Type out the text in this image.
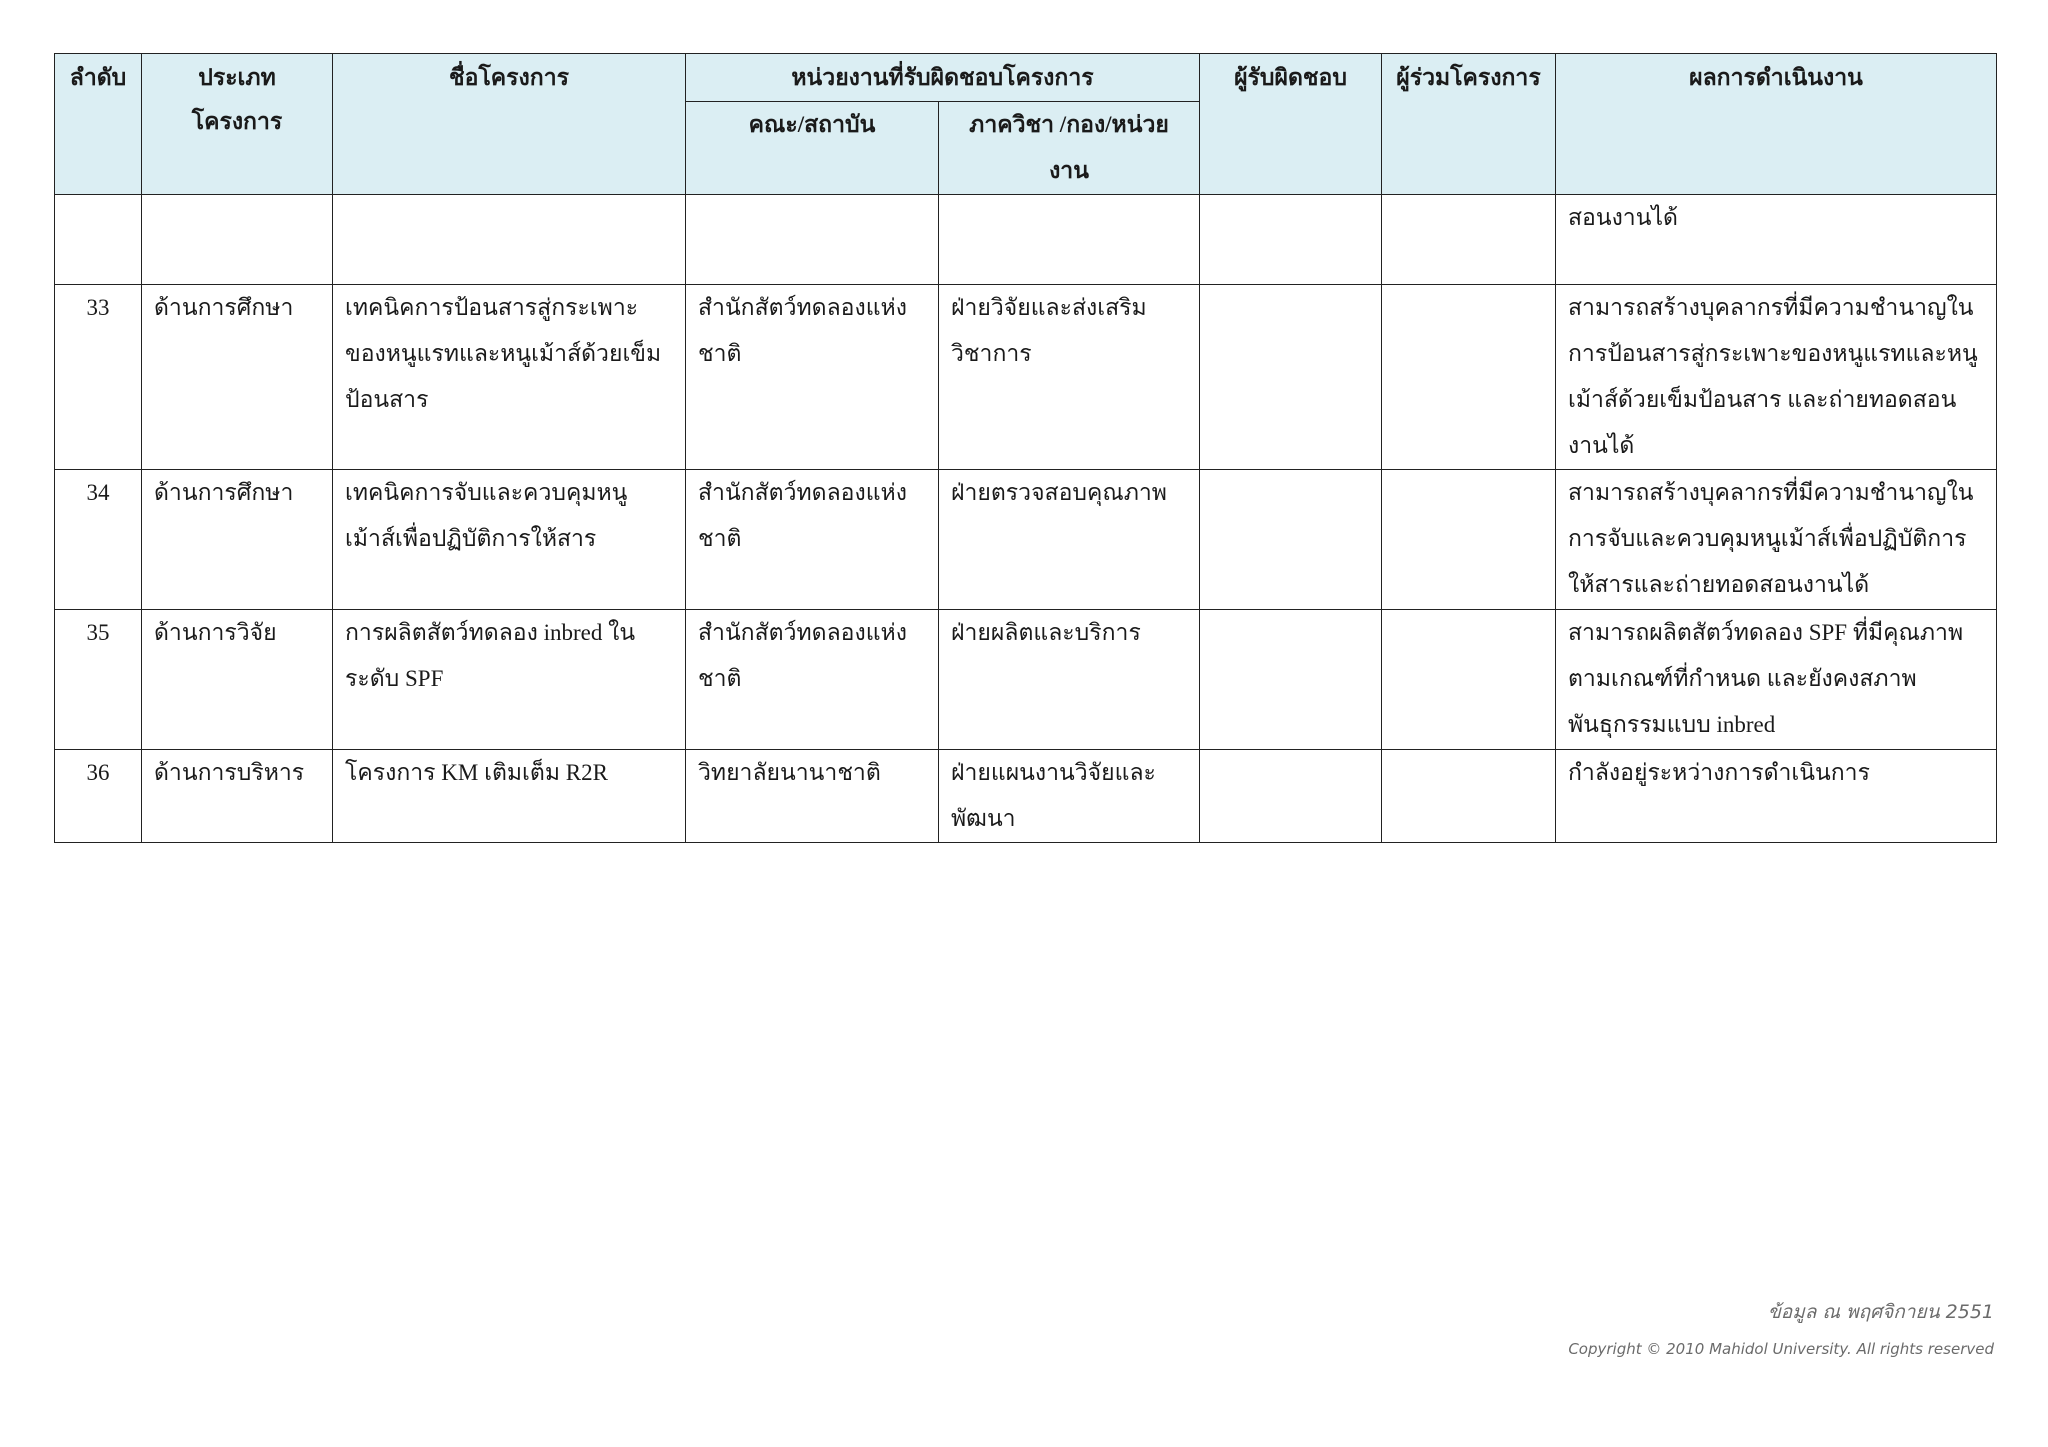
ลำดับ	ประเภทโครงการ	ชื่อโครงการ	หน่วยงานที่รับผิดชอบโครงการ		ผู้รับผิดชอบ	ผู้ร่วมโครงการ	ผลการดำเนินงาน
			คณะ/สถาบัน	ภาควิชา /กอง/หน่วยงาน			
							สอนงานได้
33	ด้านการศึกษา	เทคนิคการป้อนสารสู่กระเพาะของหนูแรทและหนูเม้าส์ด้วยเข็มป้อนสาร	สำนักสัตว์ทดลองแห่งชาติ	ฝ่ายวิจัยและส่งเสริมวิชาการ			สามารถสร้างบุคลากรที่มีความชำนาญในการป้อนสารสู่กระเพาะของหนูแรทและหนูเม้าส์ด้วยเข็มป้อนสาร และถ่ายทอดสอนงานได้
34	ด้านการศึกษา	เทคนิคการจับและควบคุมหนูเม้าส์เพื่อปฏิบัติการให้สาร	สำนักสัตว์ทดลองแห่งชาติ	ฝ่ายตรวจสอบคุณภาพ			สามารถสร้างบุคลากรที่มีความชำนาญในการจับและควบคุมหนูเม้าส์เพื่อปฏิบัติการให้สารและถ่ายทอดสอนงานได้
35	ด้านการวิจัย	การผลิตสัตว์ทดลอง inbred ในระดับ SPF	สำนักสัตว์ทดลองแห่งชาติ	ฝ่ายผลิตและบริการ			สามารถผลิตสัตว์ทดลอง SPF ที่มีคุณภาพตามเกณฑ์ที่กำหนด และยังคงสภาพพันธุกรรมแบบ inbred
36	ด้านการบริหาร	โครงการ KM เติมเต็ม R2R	วิทยาลัยนานาชาติ	ฝ่ายแผนงานวิจัยและพัฒนา			กำลังอยู่ระหว่างการดำเนินการ
ข้อมูล ณ พฤศจิกายน 2551
Copyright © 2010 Mahidol University. All rights reserved
